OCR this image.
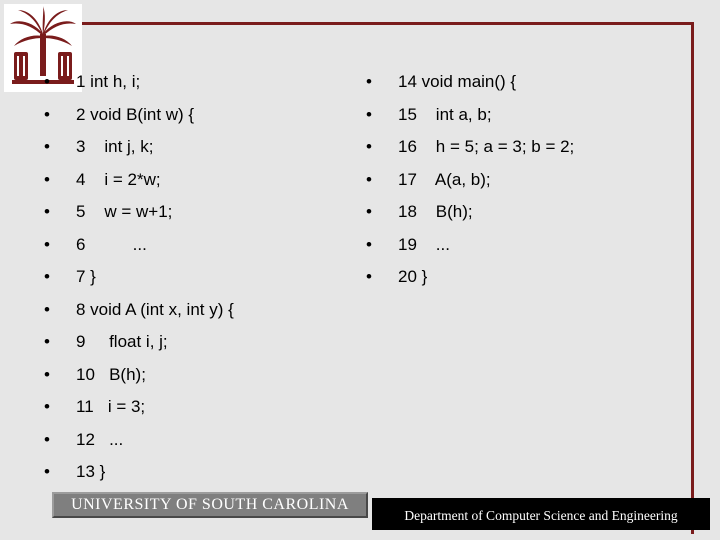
•	1 int h, i;
•	2 void B(int w) {
•	3    int j, k;
•	4    i = 2*w;
•	5    w = w+1;
•	6          ...
•	7 }
•	8 void A (int x, int y) {
•	9     float i, j;
•	10   B(h);
•	11   i = 3;
•	12   ...
•	13 }
•	14 void main() {
•	15    int a, b;
•	16    h = 5; a = 3; b = 2;
•	17    A(a, b);
•	18    B(h);
•	19    ...
•	20 }
UNIVERSITY OF SOUTH CAROLINA
Department of Computer Science and Engineering
